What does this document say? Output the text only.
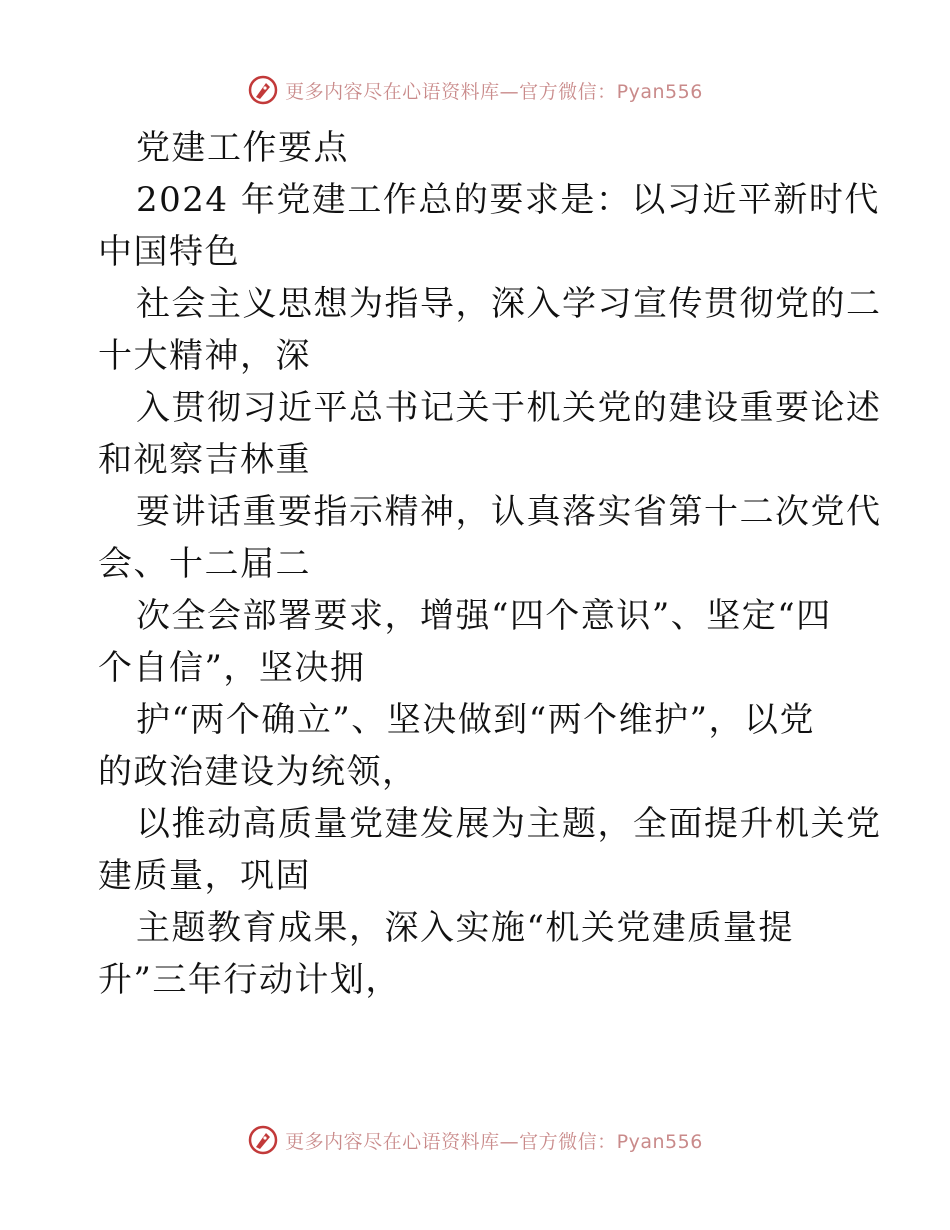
更多内容尽在心语资料库—官方微信：Pyan556
党建工作要点
2024 年党建工作总的要求是：以习近平新时代
中国特色
社会主义思想为指导，深入学习宣传贯彻党的二
十大精神，深
入贯彻习近平总书记关于机关党的建设重要论述
和视察吉林重
要讲话重要指示精神，认真落实省第十二次党代
会、十二届二
次全会部署要求，增强“四个意识”、坚定“四
个自信”，坚决拥
护“两个确立”、坚决做到“两个维护”，以党
的政治建设为统领，
以推动高质量党建发展为主题，全面提升机关党
建质量，巩固
主题教育成果，深入实施“机关党建质量提
升”三年行动计划，
更多内容尽在心语资料库—官方微信：Pyan556
